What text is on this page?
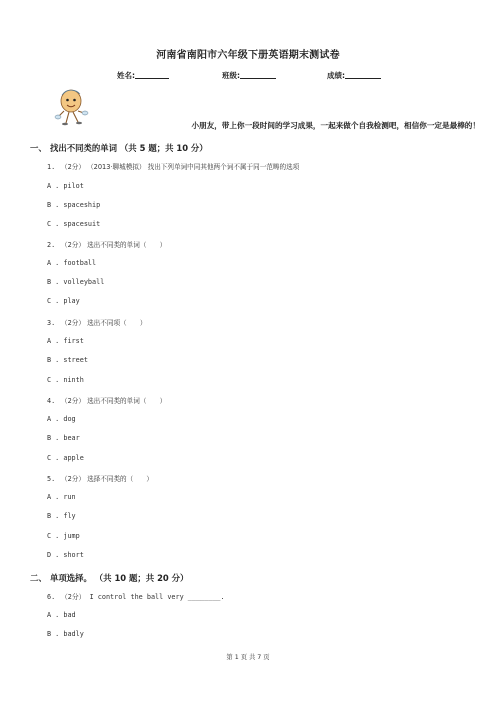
河南省南阳市六年级下册英语期末测试卷
姓名:	班级:	成绩:
小朋友，带上你一段时间的学习成果，一起来做个自我检测吧，相信你一定是最棒的！
一、 找出不同类的单词 （共 5 题；共 10 分）
1. （2分） （2013·聊城模拟） 找出下列单词中同其他两个词不属于同一范畴的选项
A . pilot
B . spaceship
C . spacesuit
2. （2分） 选出不同类的单词（　　）
A . football
B . volleyball
C . play
3. （2分） 选出不同项（　　）
A . first
B . street
C . ninth
4. （2分） 选出不同类的单词（　　）
A . dog
B . bear
C . apple
5. （2分） 选择不同类的（　　）
A . run
B . fly
C . jump
D . short
二、 单项选择。 （共 10 题；共 20 分）
6. （2分） I control the ball very ________.
A . bad
B . badly
第 1 页 共 7 页
